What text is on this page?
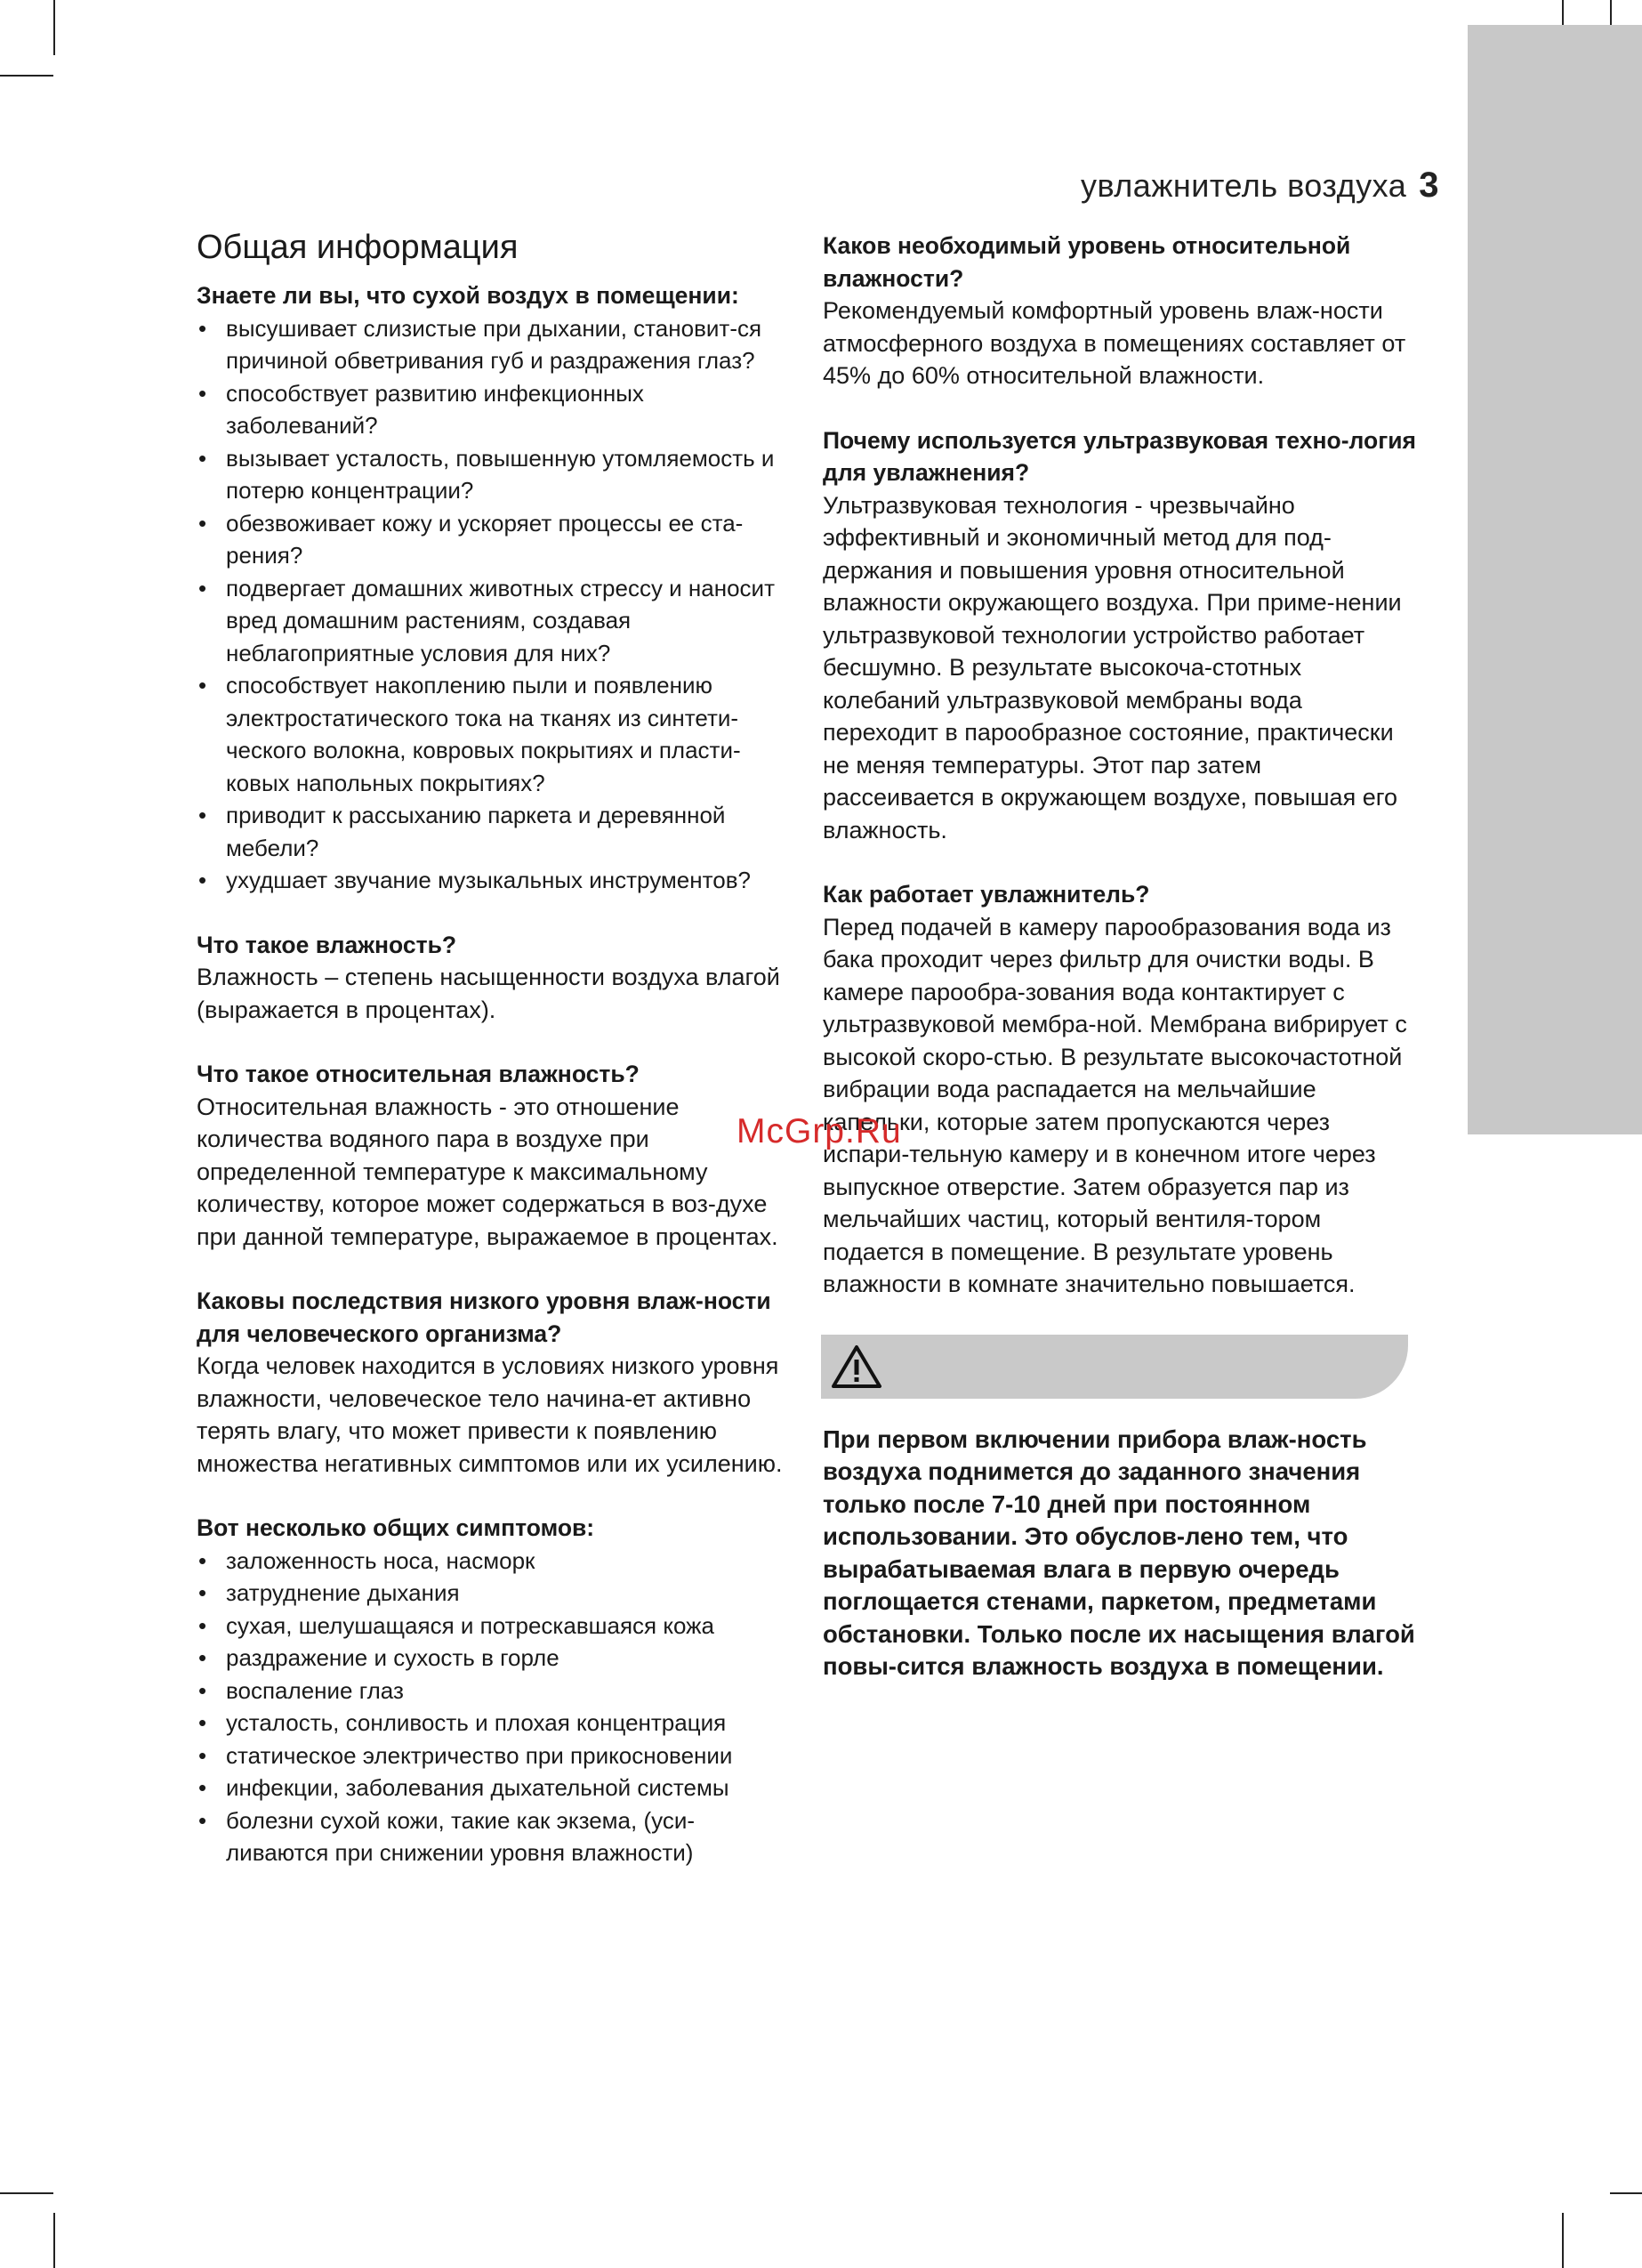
увлажнитель воздуха 3
Общая информация

Знаете ли вы, что сухой воздух в помещении:

• высушивает слизистые при дыхании, становит-ся причиной обветривания губ и раздражения глаз?
• способствует развитию инфекционных заболеваний?
• вызывает усталость, повышенную утомляемость и потерю концентрации?
• обезвоживает кожу и ускоряет процессы ее ста-рения?
• подвергает домашних животных стрессу и наносит вред домашним растениям, создавая неблагоприятные условия для них?
• способствует накоплению пыли и появлению электростатического тока на тканях из синтети-ческого волокна, ковровых покрытиях и пласти-ковых напольных покрытиях?
• приводит к рассыханию паркета и деревянной мебели?
• ухудшает звучание музыкальных инструментов?

Что такое влажность?

Влажность – степень насыщенности воздуха влагой (выражается в процентах).

Что такое относительная влажность?

Относительная влажность - это отношение количества водяного пара в воздухе при определенной температуре к максимальному количеству, которое может содержаться в воз-духе при данной температуре, выражаемое в процентах.

Каковы последствия низкого уровня влаж-ности для человеческого организма?

Когда человек находится в условиях низкого уровня влажности, человеческое тело начина-ет активно терять влагу, что может привести к появлению множества негативных симптомов или их усилению.

Вот несколько общих симптомов:

• заложенность носа, насморк
• затруднение дыхания
• сухая, шелушащаяся и потрескавшаяся кожа
• раздражение и сухость в горле
• воспаление глаз
• усталость, сонливость и плохая концентрация
• статическое электричество при прикосновении
• инфекции, заболевания дыхательной системы
• болезни сухой кожи, такие как экзема, (уси-ливаются при снижении уровня влажности)

Каков необходимый уровень относительной влажности?

Рекомендуемый комфортный уровень влаж-ности атмосферного воздуха в помещениях составляет от 45% до 60% относительной влажности.

Почему используется ультразвуковая техно-логия для увлажнения?

Ультразвуковая технология - чрезвычайно эффективный и экономичный метод для под-держания и повышения уровня относительной влажности окружающего воздуха. При приме-нении ультразвуковой технологии устройство работает бесшумно. В результате высокоча-стотных колебаний ультразвуковой мембраны вода переходит в парообразное состояние, практически не меняя температуры. Этот пар затем рассеивается в окружающем воздухе, повышая его влажность.

Как работает увлажнитель?

Перед подачей в камеру парообразования вода из бака проходит через фильтр для очистки воды. В камере парообра-зования вода контактирует с ультразвуковой мембра-ной. Мембрана вибрирует с высокой скоро-стью. В результате высокочастотной вибрации вода распадается на мельчайшие капельки, которые затем пропускаются через испари-тельную камеру и в конечном итоге через выпускное отверстие. Затем образуется пар из мельчайших частиц, который вентиля-тором подается в помещение. В результате уровень влажности в комнате значительно повышается.

При первом включении прибора влаж-ность воздуха поднимется до заданного значения только после 7-10 дней при постоянном использовании. Это обуслов-лено тем, что вырабатываемая влага в первую очередь поглощается стенами, паркетом, предметами обстановки. Только после их насыщения влагой повы-сится влажность воздуха в помещении.

McGrp.Ru
